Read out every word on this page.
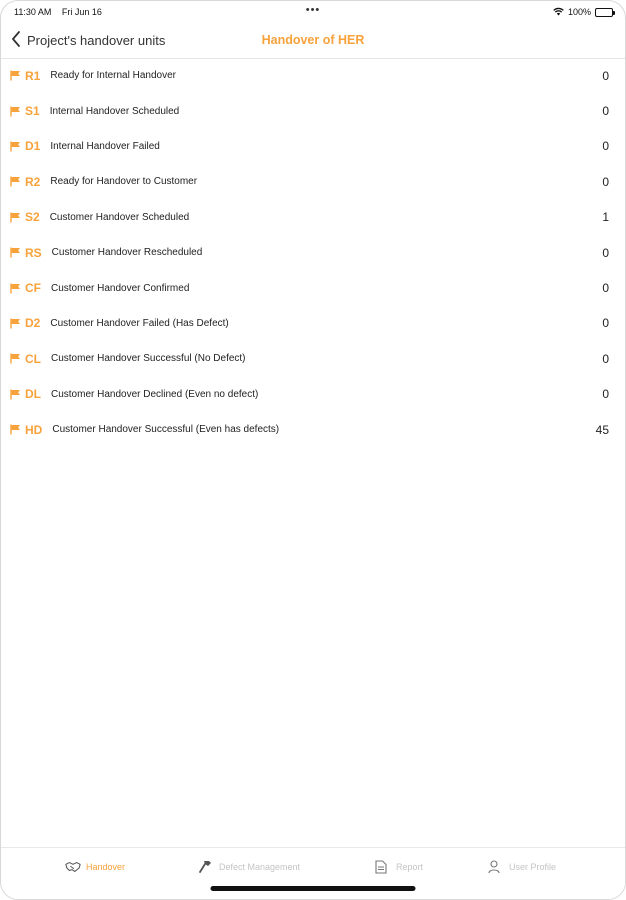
11:30 AM Fri Jun 16	•••	100%
Project's handover units	Handover of HER
R1 Ready for Internal Handover	0
S1 Internal Handover Scheduled	0
D1 Internal Handover Failed	0
R2 Ready for Handover to Customer	0
S2 Customer Handover Scheduled	1
RS Customer Handover Rescheduled	0
CF Customer Handover Confirmed	0
D2 Customer Handover Failed (Has Defect)	0
CL Customer Handover Successful (No Defect)	0
DL Customer Handover Declined (Even no defect)	0
HD Customer Handover Successful (Even has defects)	45
Handover	Defect Management	Report	User Profile
